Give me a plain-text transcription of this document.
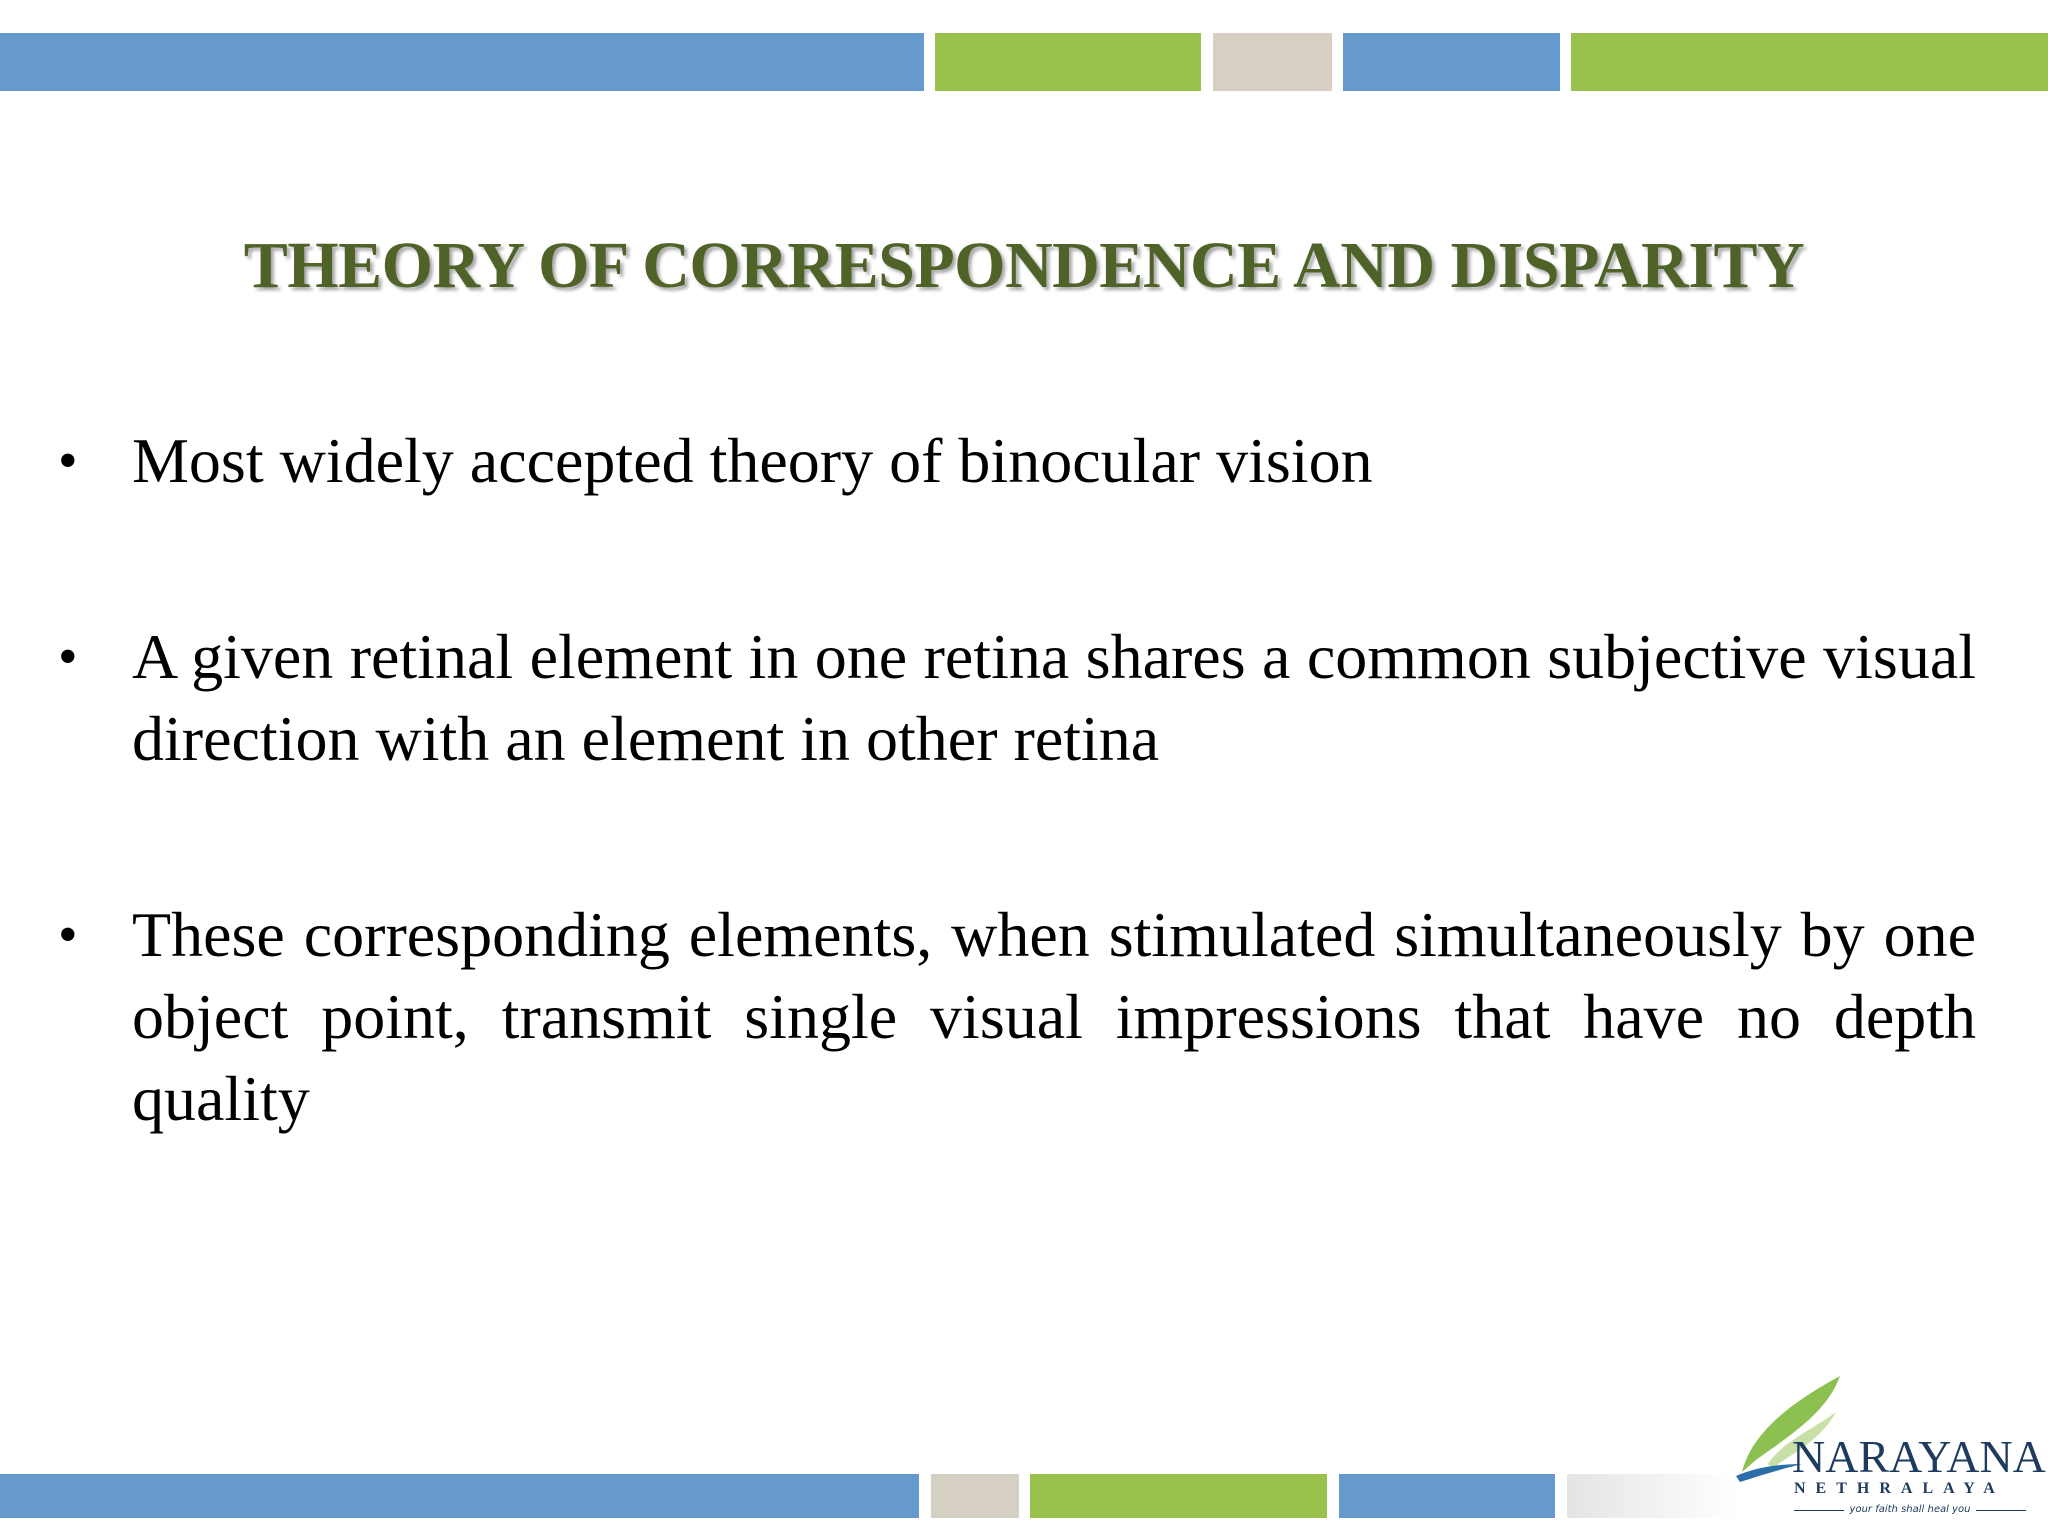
THEORY OF CORRESPONDENCE AND DISPARITY
• Most widely accepted theory of binocular vision
• A given retinal element in one retina shares a common subjective visual direction with an element in other retina
• These corresponding elements, when stimulated simultaneously by one object point, transmit single visual impressions that have no depth quality
NARAYANA
NETHRALAYA
your faith shall heal you
